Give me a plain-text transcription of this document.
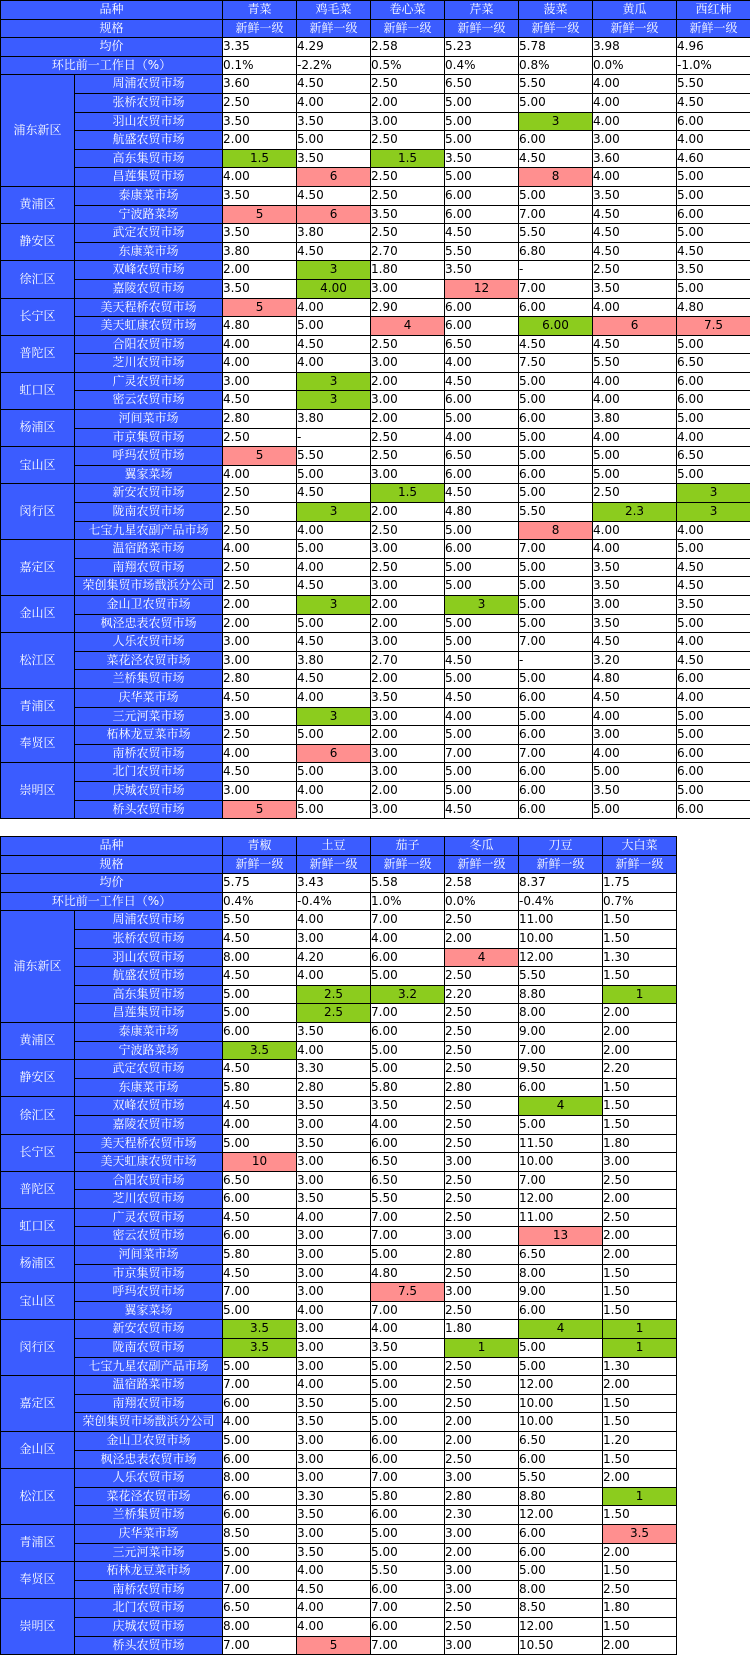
品种		青菜	鸡毛菜	卷心菜	芹菜	菠菜	黄瓜	西红柿
规格		新鲜一级	新鲜一级	新鲜一级	新鲜一级	新鲜一级	新鲜一级	新鲜一级
均价		3.35	4.29	2.58	5.23	5.78	3.98	4.96
环比前一工作日（%）		0.1%	-2.2%	0.5%	0.4%	0.8%	0.0%	-1.0%
浦东新区	周浦农贸市场	3.60	4.50	2.50	6.50	5.50	4.00	5.50
	张桥农贸市场	2.50	4.00	2.00	5.00	5.00	4.00	4.50
	羽山农贸市场	3.50	3.50	3.00	5.00	3	4.00	6.00
	航盛农贸市场	2.00	5.00	2.50	5.00	6.00	3.00	4.00
	高东集贸市场	1.5	3.50	1.5	3.50	4.50	3.60	4.60
	昌莲集贸市场	4.00	6	2.50	5.00	8	4.00	5.00
黄浦区	泰康菜市场	3.50	4.50	2.50	6.00	5.00	3.50	5.00
	宁波路菜场	5	6	3.50	6.00	7.00	4.50	6.00
静安区	武定农贸市场	3.50	3.80	2.50	4.50	5.50	4.50	5.00
	东康菜市场	3.80	4.50	2.70	5.50	6.80	4.50	4.50
徐汇区	双峰农贸市场	2.00	3	1.80	3.50	-	2.50	3.50
	嘉陵农贸市场	3.50	4.00	3.00	12	7.00	3.50	5.00
长宁区	美天程桥农贸市场	5	4.00	2.90	6.00	6.00	4.00	4.80
	美天虹康农贸市场	4.80	5.00	4	6.00	6.00	6	7.5
普陀区	合阳农贸市场	4.00	4.50	2.50	6.50	4.50	4.50	5.00
	芝川农贸市场	4.00	4.00	3.00	4.00	7.50	5.50	6.50
虹口区	广灵农贸市场	3.00	3	2.00	4.50	5.00	4.00	6.00
	密云农贸市场	4.50	3	3.00	6.00	5.00	4.00	6.00
杨浦区	河间菜市场	2.80	3.80	2.00	5.00	6.00	3.80	5.00
	市京集贸市场	2.50	-	2.50	4.00	5.00	4.00	4.00
宝山区	呼玛农贸市场	5	5.50	2.50	6.50	5.00	5.00	6.50
	翼家菜场	4.00	5.00	3.00	6.00	6.00	5.00	5.00
闵行区	新安农贸市场	2.50	4.50	1.5	4.50	5.00	2.50	3
	陇南农贸市场	2.50	3	2.00	4.80	5.50	2.3	3
	七宝九星农副产品市场	2.50	4.00	2.50	5.00	8	4.00	4.00
嘉定区	温宿路菜市场	4.00	5.00	3.00	6.00	7.00	4.00	5.00
	南翔农贸市场	2.50	4.00	2.50	5.00	5.00	3.50	4.50
	荣创集贸市场戬浜分公司	2.50	4.50	3.00	5.00	5.00	3.50	4.50
金山区	金山卫农贸市场	2.00	3	2.00	3	5.00	3.00	3.50
	枫泾忠表农贸市场	2.00	5.00	2.00	5.00	5.00	3.50	5.00
松江区	人乐农贸市场	3.00	4.50	3.00	5.00	7.00	4.50	4.00
	菜花泾农贸市场	3.00	3.80	2.70	4.50	-	3.20	4.50
	兰桥集贸市场	2.80	4.50	2.00	5.00	5.00	4.80	6.00
青浦区	庆华菜市场	4.50	4.00	3.50	4.50	6.00	4.50	4.00
	三元河菜市场	3.00	3	3.00	4.00	5.00	4.00	5.00
奉贤区	柘林龙豆菜市场	2.50	5.00	2.00	5.00	6.00	3.00	5.00
	南桥农贸市场	4.00	6	3.00	7.00	7.00	4.00	6.00
崇明区	北门农贸市场	4.50	5.00	3.00	5.00	6.00	5.00	6.00
	庆城农贸市场	3.00	4.00	2.00	5.00	6.00	3.50	5.00
	桥头农贸市场	5	5.00	3.00	4.50	6.00	5.00	6.00
品种		青椒	土豆	茄子	冬瓜	刀豆	大白菜
规格		新鲜一级	新鲜一级	新鲜一级	新鲜一级	新鲜一级	新鲜一级
均价		5.75	3.43	5.58	2.58	8.37	1.75
环比前一工作日（%）		0.4%	-0.4%	1.0%	0.0%	-0.4%	0.7%
浦东新区	周浦农贸市场	5.50	4.00	7.00	2.50	11.00	1.50
	张桥农贸市场	4.50	3.00	4.00	2.00	10.00	1.50
	羽山农贸市场	8.00	4.20	6.00	4	12.00	1.30
	航盛农贸市场	4.50	4.00	5.00	2.50	5.50	1.50
	高东集贸市场	5.00	2.5	3.2	2.20	8.80	1
	昌莲集贸市场	5.00	2.5	7.00	2.50	8.00	2.00
黄浦区	泰康菜市场	6.00	3.50	6.00	2.50	9.00	2.00
	宁波路菜场	3.5	4.00	5.00	2.50	7.00	2.00
静安区	武定农贸市场	4.50	3.30	5.00	2.50	9.50	2.20
	东康菜市场	5.80	2.80	5.80	2.80	6.00	1.50
徐汇区	双峰农贸市场	4.50	3.50	3.50	2.50	4	1.50
	嘉陵农贸市场	4.00	3.00	4.00	2.50	5.00	1.50
长宁区	美天程桥农贸市场	5.00	3.50	6.00	2.50	11.50	1.80
	美天虹康农贸市场	10	3.00	6.50	3.00	10.00	3.00
普陀区	合阳农贸市场	6.50	3.00	6.50	2.50	7.00	2.50
	芝川农贸市场	6.00	3.50	5.50	2.50	12.00	2.00
虹口区	广灵农贸市场	4.50	4.00	7.00	2.50	11.00	2.50
	密云农贸市场	6.00	3.00	7.00	3.00	13	2.00
杨浦区	河间菜市场	5.80	3.00	5.00	2.80	6.50	2.00
	市京集贸市场	4.50	3.00	4.80	2.50	8.00	1.50
宝山区	呼玛农贸市场	7.00	3.00	7.5	3.00	9.00	1.50
	翼家菜场	5.00	4.00	7.00	2.50	6.00	1.50
闵行区	新安农贸市场	3.5	3.00	4.00	1.80	4	1
	陇南农贸市场	3.5	3.00	3.50	1	5.00	1
	七宝九星农副产品市场	5.00	3.00	5.00	2.50	5.00	1.30
嘉定区	温宿路菜市场	7.00	4.00	5.00	2.50	12.00	2.00
	南翔农贸市场	6.00	3.50	5.00	2.50	10.00	1.50
	荣创集贸市场戬浜分公司	4.00	3.50	5.00	2.00	10.00	1.50
金山区	金山卫农贸市场	5.00	3.00	6.00	2.00	6.50	1.20
	枫泾忠表农贸市场	6.00	3.00	6.00	2.50	6.00	1.50
松江区	人乐农贸市场	8.00	3.00	7.00	3.00	5.50	2.00
	菜花泾农贸市场	6.00	3.30	5.80	2.80	8.80	1
	兰桥集贸市场	6.00	3.50	6.00	2.30	12.00	1.50
青浦区	庆华菜市场	8.50	3.00	5.00	3.00	6.00	3.5
	三元河菜市场	5.00	3.50	5.00	2.00	6.00	2.00
奉贤区	柘林龙豆菜市场	7.00	4.00	5.50	3.00	5.00	1.50
	南桥农贸市场	7.00	4.50	6.00	3.00	8.00	2.50
崇明区	北门农贸市场	6.50	4.00	7.00	2.50	8.50	1.80
	庆城农贸市场	8.00	4.00	6.00	2.50	12.00	1.50
	桥头农贸市场	7.00	5	7.00	3.00	10.50	2.00
